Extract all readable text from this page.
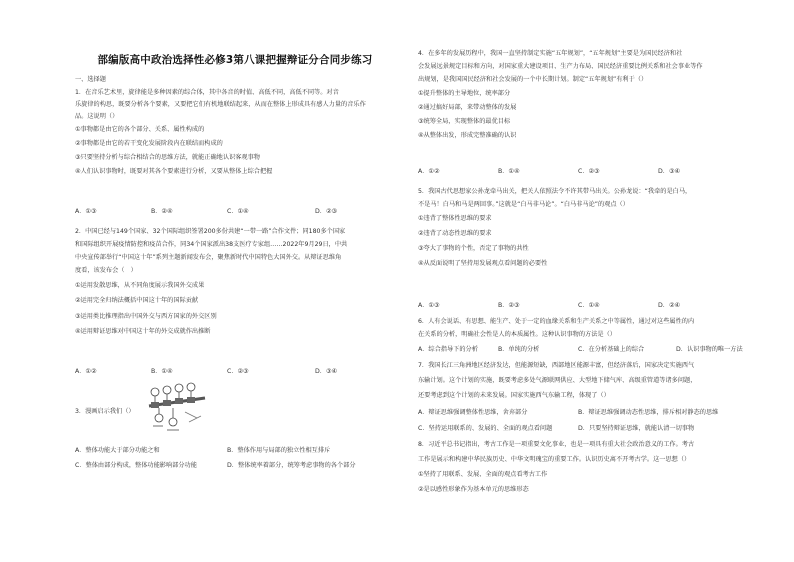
部编版高中政治选择性必修3第八课把握辩证分合同步练习
一、选择题
1．在音乐艺术里，旋律能是多种因素的综合体，其中各音的时值、高低不同，高低不同等。对音
乐旋律的构思，既要分析各个要素，又要把它们有机地联结起来，从而在整体上形成具有感人力量的音乐作
品。这说明（）
①事物都是由它的各个部分、关系、属性构成的
②事物都是由它的若干变化发展阶段内在联结而构成的
③只要坚持分析与综合相结合的思维方法，就能正确地认识客观事物
④人们认识事物时，既要对其各个要素进行分析，又要从整体上综合把握
A．①③	B．②④	C．①④	D．②③
2．中国已经与149个国家、32个国际组织签署200多份共建“一带一路”合作文件；同180多个国家
和国际组织开展疫情防控和疫苗合作，同34个国家派出38支医疗专家组……2022年9月29日，中共
中央宣传部举行“中国这十年”系列主题新闻发布会，聚焦新时代中国特色大国外交。从辩证思维角
度看，该发布会（　）
①运用发散思维，从不同角度展示我国外交成果
②运用完全归纳法概括中国这十年的国际贡献
③运用类比推理指出中国外交与西方国家的外交区别
④运用辩证思维对中国这十年的外交成就作出推断
A．①②	B．①④	C．②③	D．③④
3．漫画启示我们（）
A．整体功能大于部分功能之和	B．整体作用与局部的独立性相互排斥
C．整体由部分构成，整体功能影响部分功能	D．整体统率着部分，统筹考虑事物的各个部分
4．在多年的发展历程中，我国一直坚持制定实施“五年规划”，“五年规划”主要是为国民经济和社
会发展远景规定目标和方向，对国家重大建设项目、生产力布局、国民经济重要比例关系和社会事业等作
出规划，是我国国民经济和社会发展的一个中长期计划。制定“五年规划”有利于（）
①提升整体的主导地位，统率部分
②通过搞好局部，来带动整体的发展
③统筹全局，实现整体的最优目标
④从整体出发，形成完整准确的认识
A．①②	B．①④	C．②③	D．③④
5．我国古代思想家公孙龙牵马出关，把关人依照法令不许其带马出关。公孙龙说：“我牵的是白马，
不是马！白马和马是两回事。”这就是“白马非马论”。“白马非马论”的观点（）
①违背了整体性思维的要求
②违背了动态性思维的要求
③夸大了事物的个性，否定了事物的共性
④从反面说明了坚持用发展观点看问题的必要性
A．①③	B．②③	C．①④	D．②④
6．人有会说话、有思想、能生产、处于一定的血缘关系和生产关系之中等属性，通过对这些属性的内
在关系的分析，明确社会性是人的本质属性。这种认识事物的方法是（）
A．综合指导下的分析	B．单纯的分析	C．在分析基础上的综合	D．认识事物的唯一方法
7．我国长江三角洲地区经济发达，但能源短缺，西部地区能源丰富，但经济落后，国家决定实施西气
东输计划。这个计划的实施，既要考虑多处气源联网供应、大型地下储气库、高级重管道等诸多问题，
还要考虑到这个计划的未来发展。国家实施西气东输工程，体现了（）
A．辩证思维强调整体性思维，舍弃部分	B．辩证思维强调动态性思维，排斥相对静态的思维
C．坚持运用联系的、发展的、全面的观点看问题	D．只要坚持辩证思维，就能认清一切事物
8．习近平总书记指出，考古工作是一项重要文化事业，也是一项具有重大社会政治意义的工作。考古
工作是展示和构建中华民族历史、中华文明瑰宝的重要工作。认识历史离不开考古学。这一思想（）
①坚持了用联系、发展、全面的观点看考古工作
②是以感性形象作为基本单元的思维形态
